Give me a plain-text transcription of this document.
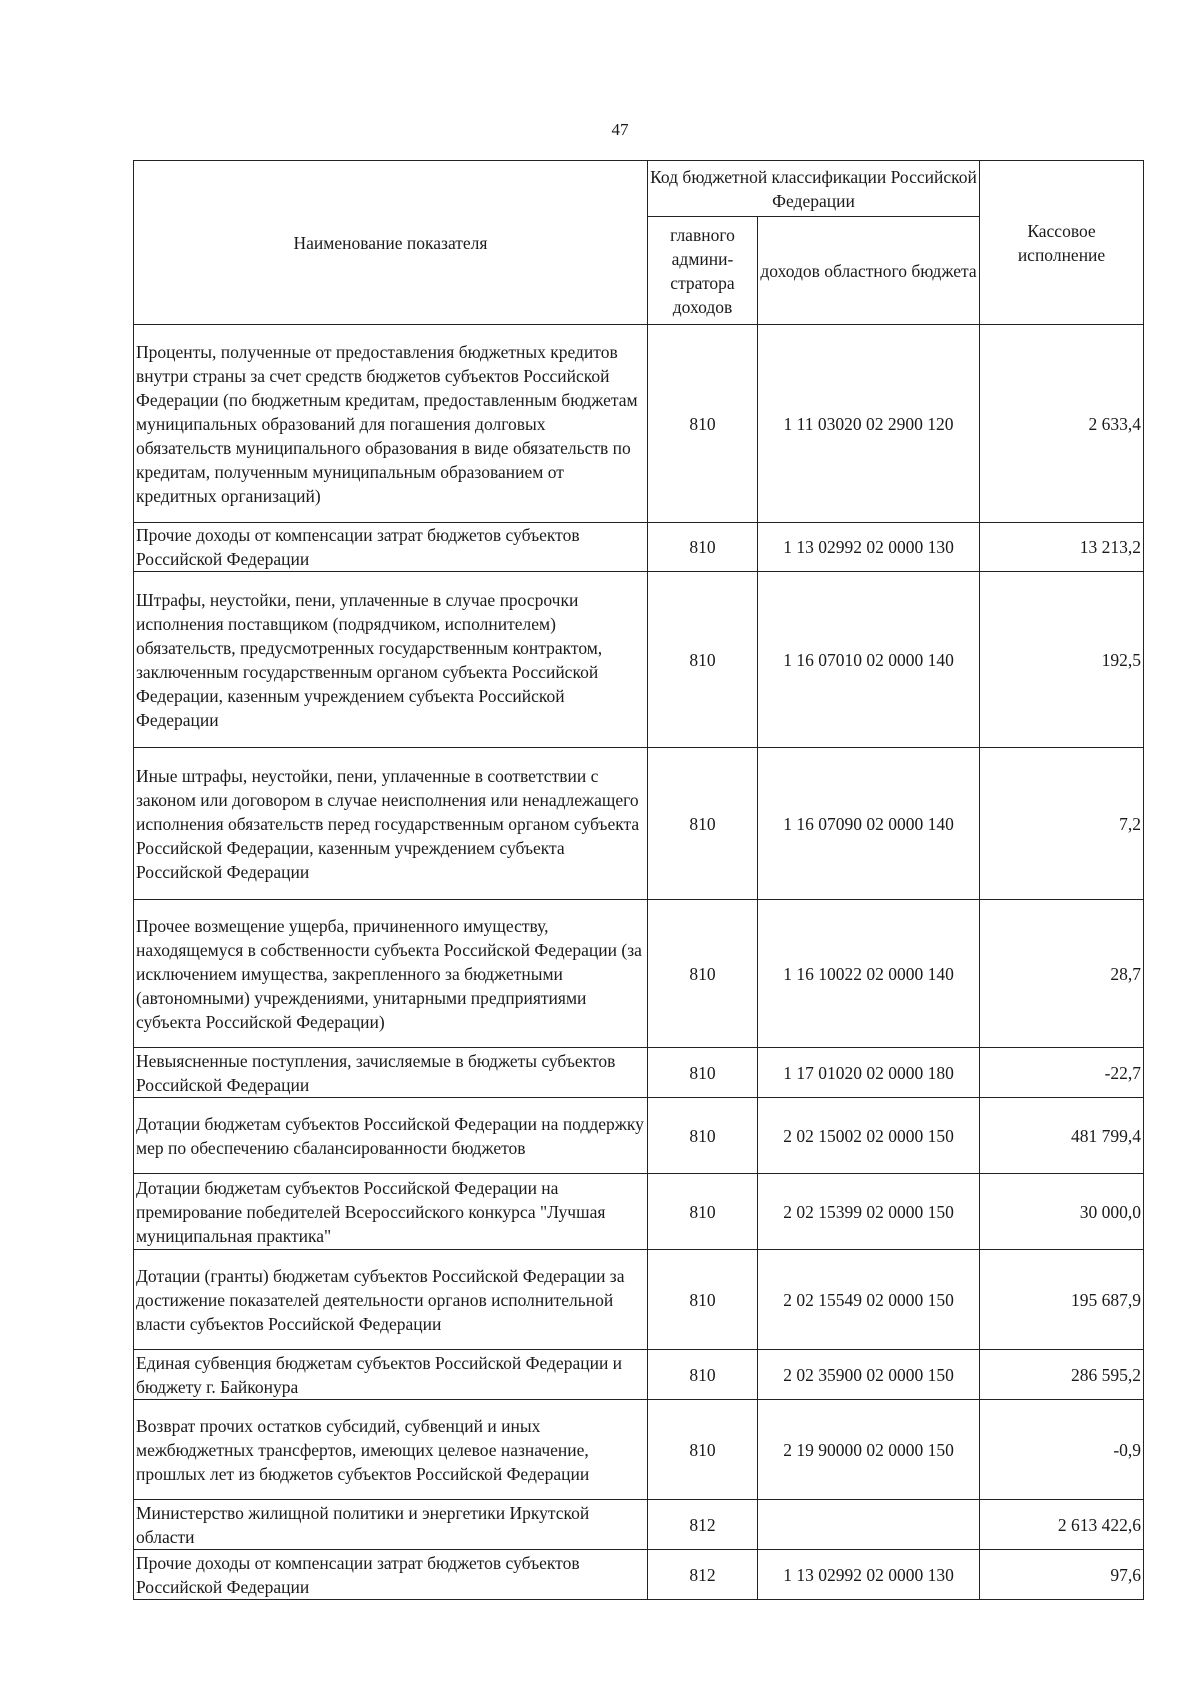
47
Наименование показателя	Код бюджетной классификации Российской Федерации		Кассовое исполнение
	главного админи-стратора доходов	доходов областного бюджета	
Проценты, полученные от предоставления бюджетных кредитов внутри страны за счет средств бюджетов субъектов Российской Федерации (по бюджетным кредитам, предоставленным бюджетам муниципальных образований для погашения долговых обязательств муниципального образования в виде обязательств по кредитам, полученным муниципальным образованием от кредитных организаций)	810	1 11 03020 02 2900 120	2 633,4
Прочие доходы от компенсации затрат бюджетов субъектов Российской Федерации	810	1 13 02992 02 0000 130	13 213,2
Штрафы, неустойки, пени, уплаченные в случае просрочки исполнения поставщиком (подрядчиком, исполнителем) обязательств, предусмотренных государственным контрактом, заключенным государственным органом субъекта Российской Федерации, казенным учреждением субъекта Российской Федерации	810	1 16 07010 02 0000 140	192,5
Иные штрафы, неустойки, пени, уплаченные в соответствии с законом или договором в случае неисполнения или ненадлежащего исполнения обязательств перед государственным органом субъекта Российской Федерации, казенным учреждением субъекта Российской Федерации	810	1 16 07090 02 0000 140	7,2
Прочее возмещение ущерба, причиненного имуществу, находящемуся в собственности субъекта Российской Федерации (за исключением имущества, закрепленного за бюджетными (автономными) учреждениями, унитарными предприятиями субъекта Российской Федерации)	810	1 16 10022 02 0000 140	28,7
Невыясненные поступления, зачисляемые в бюджеты субъектов Российской Федерации	810	1 17 01020 02 0000 180	-22,7
Дотации бюджетам субъектов Российской Федерации на поддержку мер по обеспечению сбалансированности бюджетов	810	2 02 15002 02 0000 150	481 799,4
Дотации бюджетам субъектов Российской Федерации на премирование победителей Всероссийского конкурса "Лучшая муниципальная практика"	810	2 02 15399 02 0000 150	30 000,0
Дотации (гранты) бюджетам субъектов Российской Федерации за достижение показателей деятельности органов исполнительной власти субъектов Российской Федерации	810	2 02 15549 02 0000 150	195 687,9
Единая субвенция бюджетам субъектов Российской Федерации и бюджету г. Байконура	810	2 02 35900 02 0000 150	286 595,2
Возврат прочих остатков субсидий, субвенций и иных межбюджетных трансфертов, имеющих целевое назначение, прошлых лет из бюджетов субъектов Российской Федерации	810	2 19 90000 02 0000 150	-0,9
Министерство жилищной политики и энергетики Иркутской области	812		2 613 422,6
Прочие доходы от компенсации затрат бюджетов субъектов Российской Федерации	812	1 13 02992 02 0000 130	97,6
